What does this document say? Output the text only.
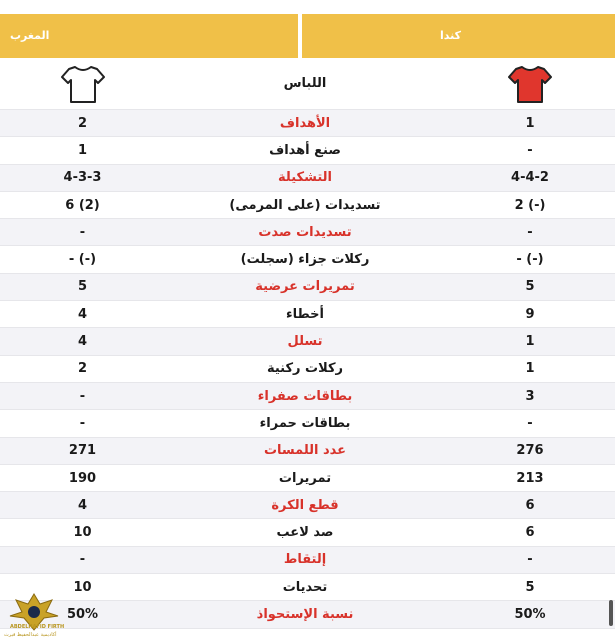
المغرب	كندا
اللباس
2	الأهداف	1
1	صنع أهداف	-
4-3-3	التشكيلة	4-4-2
6 (2)	تسديدات (على المرمى)	2 (-)
-	تسديدات صدت	-
- (-)	ركلات جزاء (سجلت)	- (-)
5	تمريرات عرضية	5
4	أخطاء	9
4	تسلل	1
2	ركلات ركنية	1
-	بطاقات صفراء	3
-	بطاقات حمراء	-
271	عدد اللمسات	276
190	تمريرات	213
4	قطع الكرة	6
10	صد لاعب	6
-	إلتقاط	-
10	تحديات	5
50%	نسبة الإستحواذ	50%
ABDELHAFID FIRTH
أكاديمية عبدالحفيظ فيرث
